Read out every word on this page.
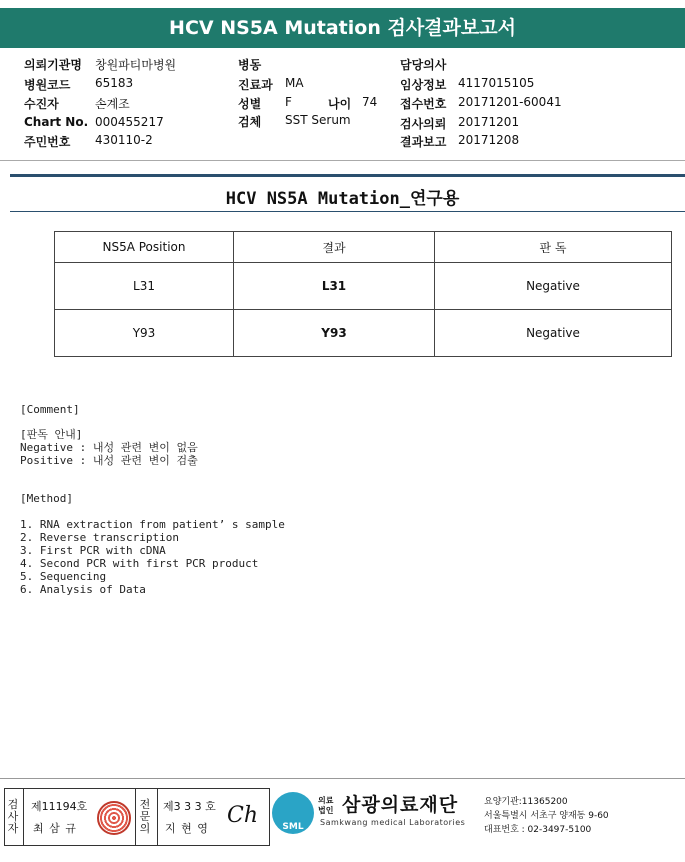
HCV NS5A Mutation 검사결과보고서
의뢰기관명 창원파티마병원
병원코드 65183
수진자	손계조
Chart No. 000455217
주민번호 430110-2
병동
진료과 MA
성별 F	나이 74
검체 SST Serum
담당의사
임상정보 4117015105
접수번호 20171201-60041
검사의뢰 20171201
결과보고 20171208
HCV NS5A Mutation_연구용
NS5A Position	결과	판 독
L31	L31	Negative
Y93	Y93	Negative
[Comment]
[판독 안내]
Negative : 내성 관련 변이 없음
Positive : 내성 관련 변이 검출
[Method]
1. RNA extraction from patient’ s sample
2. Reverse transcription
3. First PCR with cDNA
4. Second PCR with first PCR product
5. Sequencing
6. Analysis of Data
검사자
제11194호
최 삼 규
전문의
제3 3 3 호
지 현 영
Ch	SML
의료
법인 삼광의료재단
Samkwang medical Laboratories
요양기관:11365200
서울특별시 서초구 양재동 9-60
대표번호 : 02-3497-5100
